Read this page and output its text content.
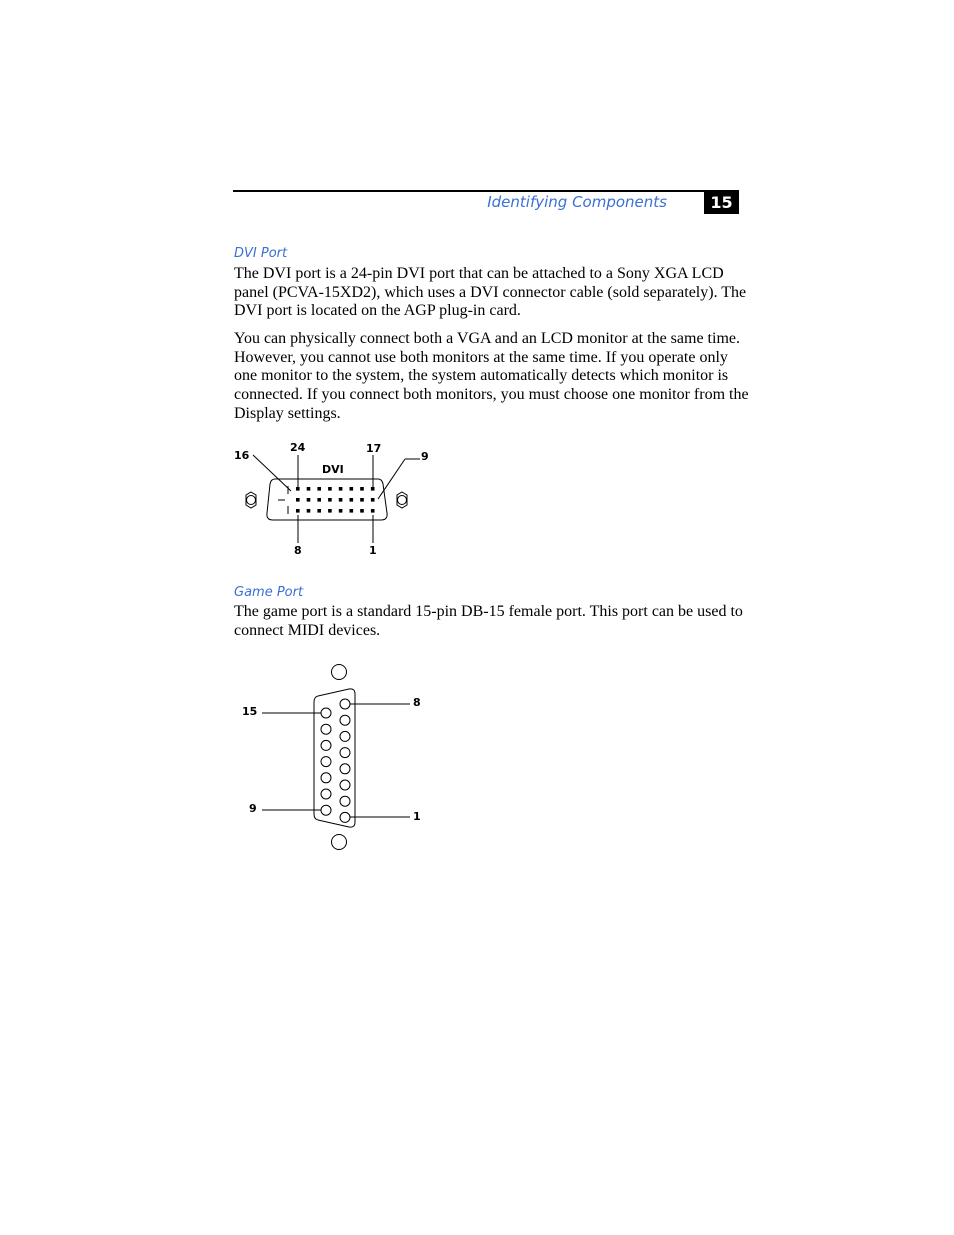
Identifying Components	15
DVI Port

The DVI port is a 24-pin DVI port that can be attached to a Sony XGA LCD panel (PCVA-15XD2), which uses a DVI connector cable (sold separately). The DVI port is located on the AGP plug-in card.

You can physically connect both a VGA and an LCD monitor at the same time. However, you cannot use both monitors at the same time. If you operate only one monitor to the system, the system automatically detects which monitor is connected. If you connect both monitors, you must choose one monitor from the Display settings.

DVI
16
24	17
9
8	1
Game Port

The game port is a standard 15-pin DB-15 female port. This port can be used to connect MIDI devices.

15
8
9
1
